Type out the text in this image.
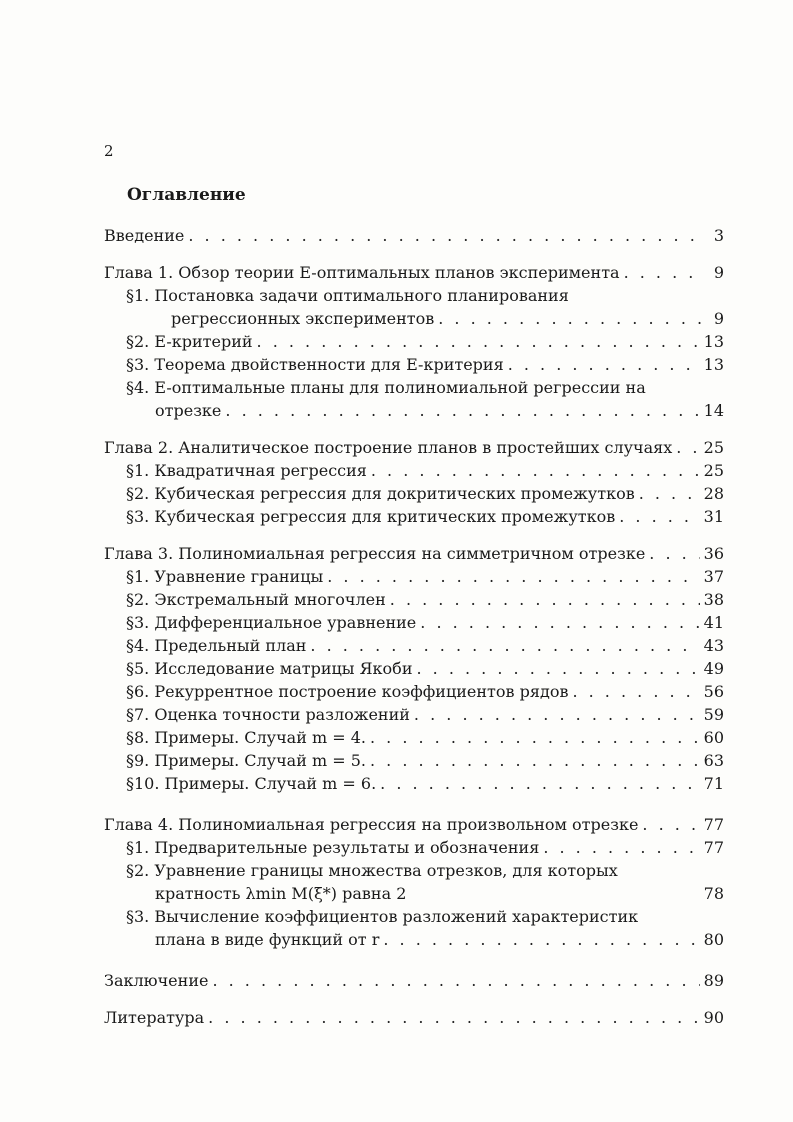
2
Оглавление
Введение . . .	3
Глава 1. Обзор теории E-оптимальных планов эксперимента . . .	9
§1. Постановка задачи оптимального планирования
регрессионных экспериментов . . .	9
§2. E-критерий . . .	13
§3. Теорема двойственности для E-критерия . . .	13
§4. E-оптимальные планы для полиномиальной регрессии на
отрезке . . .	14
Глава 2. Аналитическое построение планов в простейших случаях . . . 25
§1. Квадратичная регрессия . . .	25
§2. Кубическая регрессия для докритических промежутков . . .	28
§3. Кубическая регрессия для критических промежутков . . .	31
Глава 3. Полиномиальная регрессия на симметричном отрезке . . .	36
§1. Уравнение границы . . .	37
§2. Экстремальный многочлен . . .	38
§3. Дифференциальное уравнение . . .	41
§4. Предельный план . . .	43
§5. Исследование матрицы Якоби . . .	49
§6. Рекуррентное построение коэффициентов рядов . . .	56
§7. Оценка точности разложений . . .	59
§8. Примеры. Случай m = 4. . . .	60
§9. Примеры. Случай m = 5. . . .	63
§10. Примеры. Случай m = 6. . . .	71
Глава 4. Полиномиальная регрессия на произвольном отрезке . . .	77
§1. Предварительные результаты и обозначения . . .	77
§2. Уравнение границы множества отрезков, для которых
кратность λmin M(ξ*) равна 2	78
§3. Вычисление коэффициентов разложений характеристик
плана в виде функций от r . . .	80
Заключение . . .	89
Литература . . .	90
